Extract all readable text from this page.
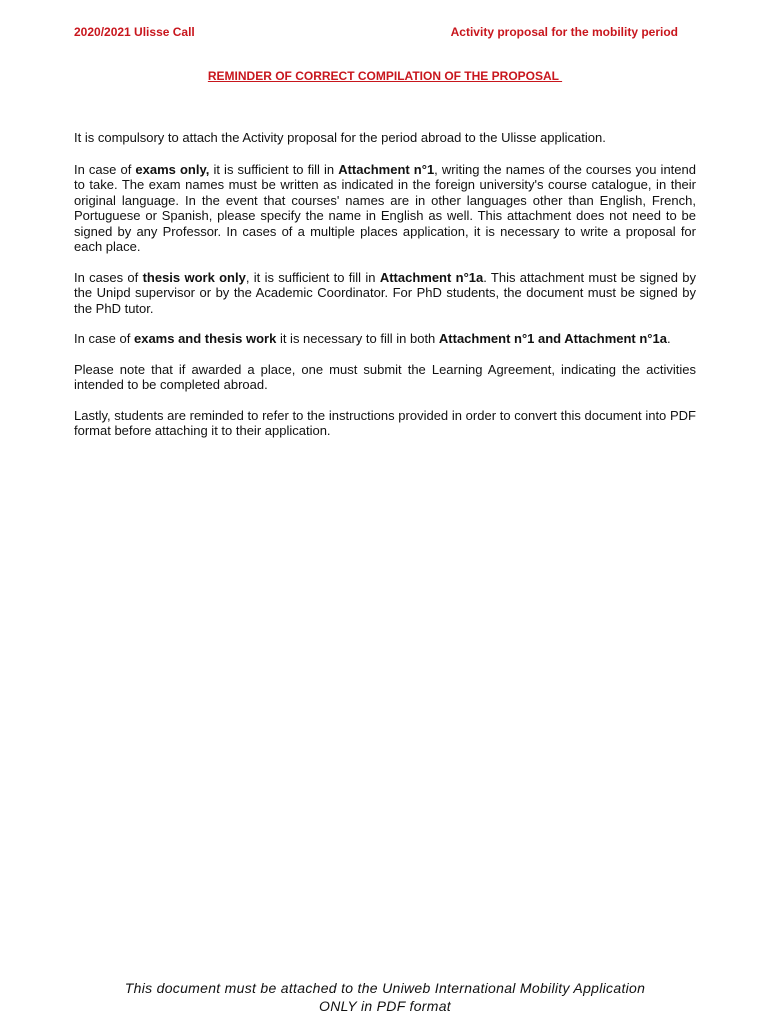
2020/2021 Ulisse Call	Activity proposal for the mobility period
REMINDER OF CORRECT COMPILATION OF THE PROPOSAL

It is compulsory to attach the Activity proposal for the period abroad to the Ulisse application.

In case of exams only, it is sufficient to fill in Attachment n°1, writing the names of the courses you intend to take. The exam names must be written as indicated in the foreign university's course catalogue, in their original language. In the event that courses' names are in other languages other than English, French, Portuguese or Spanish, please specify the name in English as well. This attachment does not need to be signed by any Professor. In cases of a multiple places application, it is necessary to write a proposal for each place.

In cases of thesis work only, it is sufficient to fill in Attachment n°1a. This attachment must be signed by the Unipd supervisor or by the Academic Coordinator. For PhD students, the document must be signed by the PhD tutor.

In case of exams and thesis work it is necessary to fill in both Attachment n°1 and Attachment n°1a.

Please note that if awarded a place, one must submit the Learning Agreement, indicating the activities intended to be completed abroad.

Lastly, students are reminded to refer to the instructions provided in order to convert this document into PDF format before attaching it to their application.

This document must be attached to the Uniweb International Mobility Application
ONLY in PDF format
